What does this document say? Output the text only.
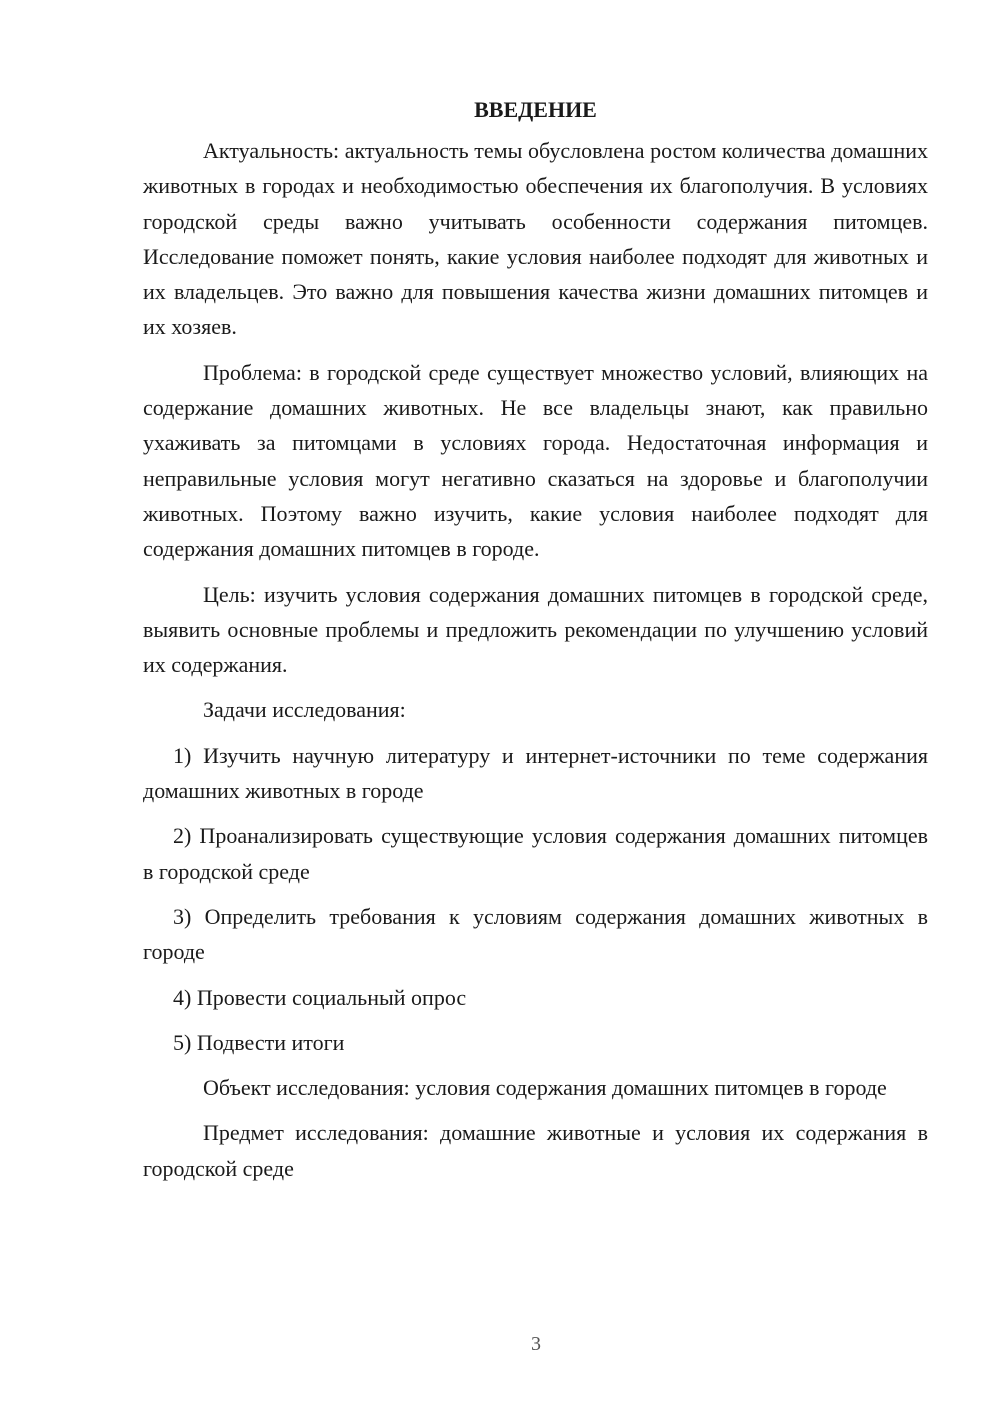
ВВЕДЕНИЕ

Актуальность: актуальность темы обусловлена ростом количества домашних животных в городах и необходимостью обеспечения их благополучия. В условиях городской среды важно учитывать особенности содержания питомцев. Исследование поможет понять, какие условия наиболее подходят для животных и их владельцев. Это важно для повышения качества жизни домашних питомцев и их хозяев.

Проблема: в городской среде существует множество условий, влияющих на содержание домашних животных. Не все владельцы знают, как правильно ухаживать за питомцами в условиях города. Недостаточная информация и неправильные условия могут негативно сказаться на здоровье и благополучии животных. Поэтому важно изучить, какие условия наиболее подходят для содержания домашних питомцев в городе.

Цель: изучить условия содержания домашних питомцев в городской среде, выявить основные проблемы и предложить рекомендации по улучшению условий их содержания.

Задачи исследования:

1) Изучить научную литературу и интернет-источники по теме содержания домашних животных в городе

2) Проанализировать существующие условия содержания домашних питомцев в городской среде

3) Определить требования к условиям содержания домашних животных в городе

4) Провести социальный опрос

5) Подвести итоги

Объект исследования: условия содержания домашних питомцев в городе

Предмет исследования: домашние животные и условия их содержания в городской среде

3
